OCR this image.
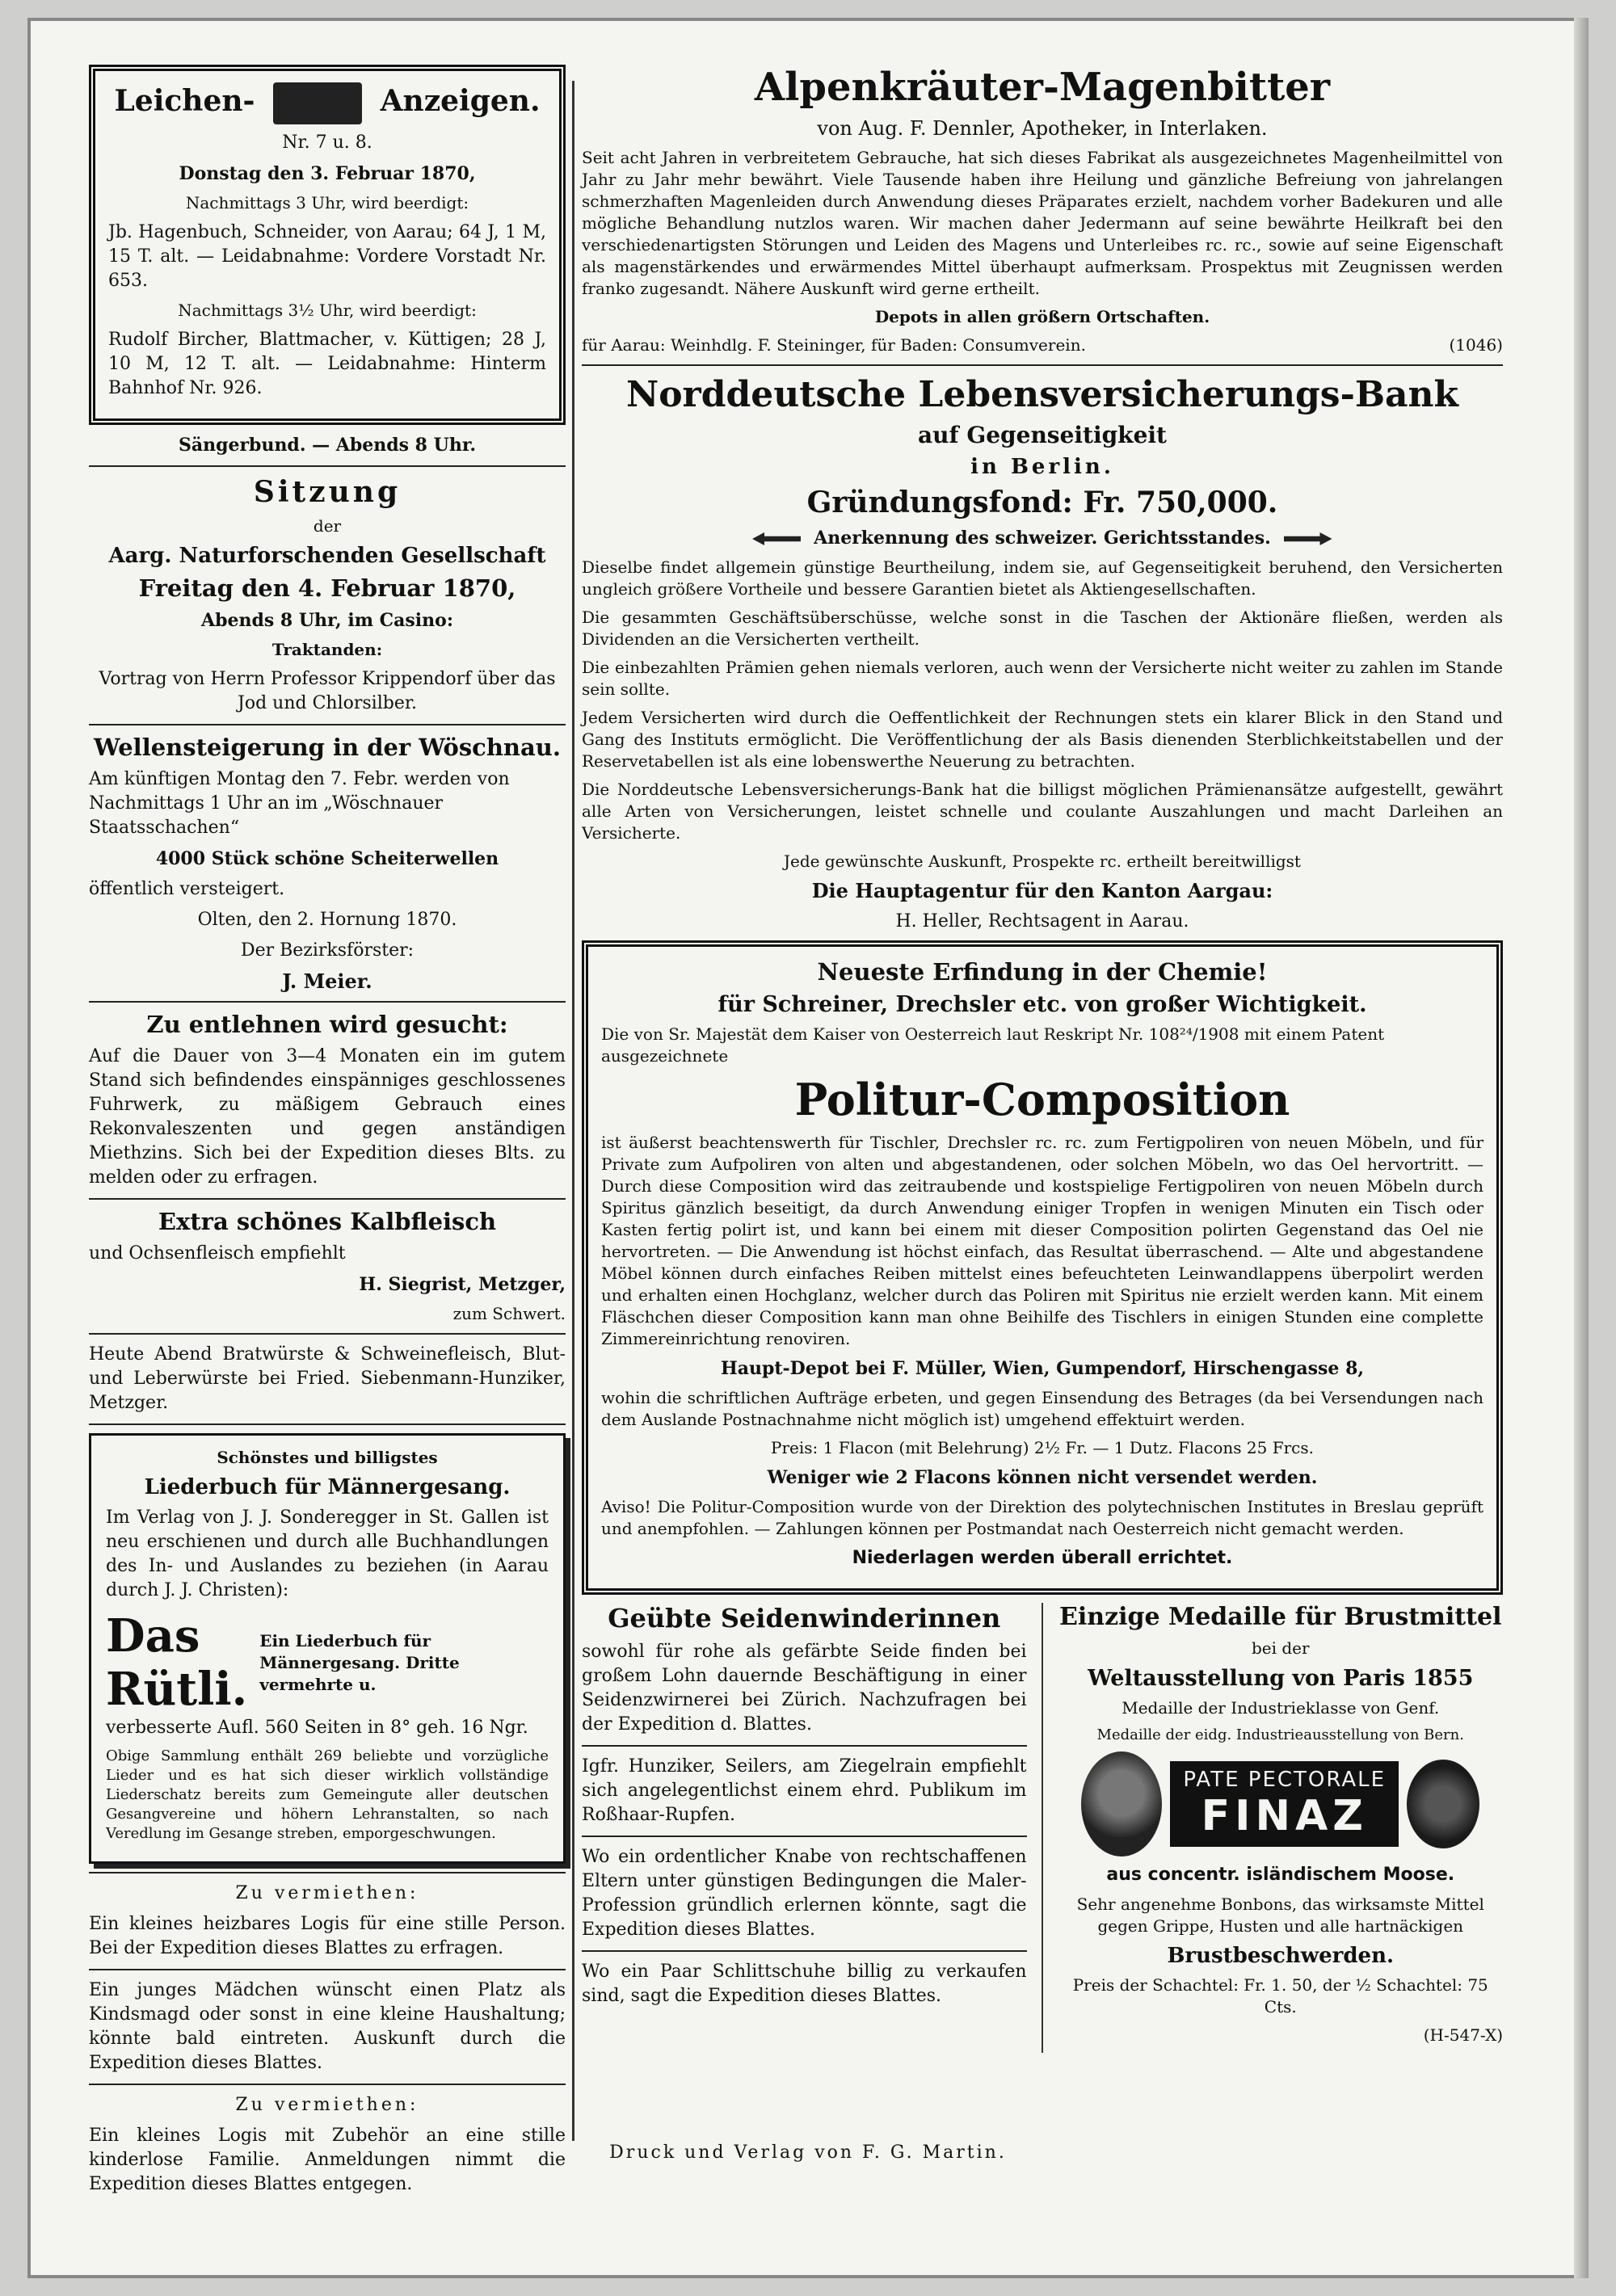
Leichen-	Anzeigen.
Nr. 7 u. 8.
Donstag den 3. Februar 1870,
Nachmittags 3 Uhr, wird beerdigt:
Jb. Hagenbuch, Schneider, von Aarau; 64 J, 1 M, 15 T. alt. — Leidabnahme: Vordere Vorstadt Nr. 653.
Nachmittags 3½ Uhr, wird beerdigt:
Rudolf Bircher, Blattmacher, v. Küttigen; 28 J, 10 M, 12 T. alt. — Leidabnahme: Hinterm Bahnhof Nr. 926.
Sängerbund. — Abends 8 Uhr.
Sitzung
der
Aarg. Naturforschenden Gesellschaft
Freitag den 4. Februar 1870,
Abends 8 Uhr, im Casino:
Traktanden:
Vortrag von Herrn Professor Krippendorf über das Jod und Chlorsilber.
Wellensteigerung in der Wöschnau.
Am künftigen Montag den 7. Febr. werden von Nachmittags 1 Uhr an im „Wöschnauer Staatsschachen“
4000 Stück schöne Scheiterwellen
öffentlich versteigert.
Olten, den 2. Hornung 1870.
Der Bezirksförster:
J. Meier.
Zu entlehnen wird gesucht:
Auf die Dauer von 3—4 Monaten ein im gutem Stand sich befindendes einspänniges geschlossenes Fuhrwerk, zu mäßigem Gebrauch eines Rekonvaleszenten und gegen anständigen Miethzins. Sich bei der Expedition dieses Blts. zu melden oder zu erfragen.
Extra schönes Kalbfleisch
und Ochsenfleisch empfiehlt
H. Siegrist, Metzger,
zum Schwert.
Heute Abend Bratwürste & Schweinefleisch, Blut- und Leberwürste bei Fried. Siebenmann-Hunziker, Metzger.
Schönstes und billigstes
Liederbuch für Männergesang.
Im Verlag von J. J. Sonderegger in St. Gallen ist neu erschienen und durch alle Buchhandlungen des In- und Auslandes zu beziehen (in Aarau durch J. J. Christen):
Das Rütli.
Ein Liederbuch für Männergesang. Dritte vermehrte u.
verbesserte Aufl. 560 Seiten in 8° geh. 16 Ngr.
Obige Sammlung enthält 269 beliebte und vorzügliche Lieder und es hat sich dieser wirklich vollständige Liederschatz bereits zum Gemeingute aller deutschen Gesangvereine und höhern Lehranstalten, so nach Veredlung im Gesange streben, emporgeschwungen.
Zu vermiethen:
Ein kleines heizbares Logis für eine stille Person. Bei der Expedition dieses Blattes zu erfragen.
Ein junges Mädchen wünscht einen Platz als Kindsmagd oder sonst in eine kleine Haushaltung; könnte bald eintreten. Auskunft durch die Expedition dieses Blattes.
Zu vermiethen:
Ein kleines Logis mit Zubehör an eine stille kinderlose Familie. Anmeldungen nimmt die Expedition dieses Blattes entgegen.
Alpenkräuter-Magenbitter
von Aug. F. Dennler, Apotheker, in Interlaken.
Seit acht Jahren in verbreitetem Gebrauche, hat sich dieses Fabrikat als ausgezeichnetes Magenheilmittel von Jahr zu Jahr mehr bewährt. Viele Tausende haben ihre Heilung und gänzliche Befreiung von jahrelangen schmerzhaften Magenleiden durch Anwendung dieses Präparates erzielt, nachdem vorher Badekuren und alle mögliche Behandlung nutzlos waren. Wir machen daher Jedermann auf seine bewährte Heilkraft bei den verschiedenartigsten Störungen und Leiden des Magens und Unterleibes rc. rc., sowie auf seine Eigenschaft als magenstärkendes und erwärmendes Mittel überhaupt aufmerksam. Prospektus mit Zeugnissen werden franko zugesandt. Nähere Auskunft wird gerne ertheilt.
Depots in allen größern Ortschaften.
für Aarau: Weinhdlg. F. Steininger, für Baden: Consumverein.	(1046)
Norddeutsche Lebensversicherungs-Bank
auf Gegenseitigkeit
in Berlin.
Gründungsfond: Fr. 750,000.
Anerkennung des schweizer. Gerichtsstandes.
Dieselbe findet allgemein günstige Beurtheilung, indem sie, auf Gegenseitigkeit beruhend, den Versicherten ungleich größere Vortheile und bessere Garantien bietet als Aktiengesellschaften.
Die gesammten Geschäftsüberschüsse, welche sonst in die Taschen der Aktionäre fließen, werden als Dividenden an die Versicherten vertheilt.
Die einbezahlten Prämien gehen niemals verloren, auch wenn der Versicherte nicht weiter zu zahlen im Stande sein sollte.
Jedem Versicherten wird durch die Oeffentlichkeit der Rechnungen stets ein klarer Blick in den Stand und Gang des Instituts ermöglicht. Die Veröffentlichung der als Basis dienenden Sterblichkeitstabellen und der Reservetabellen ist als eine lobenswerthe Neuerung zu betrachten.
Die Norddeutsche Lebensversicherungs-Bank hat die billigst möglichen Prämienansätze aufgestellt, gewährt alle Arten von Versicherungen, leistet schnelle und coulante Auszahlungen und macht Darleihen an Versicherte.
Jede gewünschte Auskunft, Prospekte rc. ertheilt bereitwilligst
Die Hauptagentur für den Kanton Aargau:
H. Heller, Rechtsagent in Aarau.
Neueste Erfindung in der Chemie!
für Schreiner, Drechsler etc. von großer Wichtigkeit.
Die von Sr. Majestät dem Kaiser von Oesterreich laut Reskript Nr. 108²⁴/1908 mit einem Patent ausgezeichnete
Politur-Composition
ist äußerst beachtenswerth für Tischler, Drechsler rc. rc. zum Fertigpoliren von neuen Möbeln, und für Private zum Aufpoliren von alten und abgestandenen, oder solchen Möbeln, wo das Oel hervortritt. — Durch diese Composition wird das zeitraubende und kostspielige Fertigpoliren von neuen Möbeln durch Spiritus gänzlich beseitigt, da durch Anwendung einiger Tropfen in wenigen Minuten ein Tisch oder Kasten fertig polirt ist, und kann bei einem mit dieser Composition polirten Gegenstand das Oel nie hervortreten. — Die Anwendung ist höchst einfach, das Resultat überraschend. — Alte und abgestandene Möbel können durch einfaches Reiben mittelst eines befeuchteten Leinwandlappens überpolirt werden und erhalten einen Hochglanz, welcher durch das Poliren mit Spiritus nie erzielt werden kann. Mit einem Fläschchen dieser Composition kann man ohne Beihilfe des Tischlers in einigen Stunden eine complette Zimmereinrichtung renoviren.
Haupt-Depot bei F. Müller, Wien, Gumpendorf, Hirschengasse 8,
wohin die schriftlichen Aufträge erbeten, und gegen Einsendung des Betrages (da bei Versendungen nach dem Auslande Postnachnahme nicht möglich ist) umgehend effektuirt werden.
Preis: 1 Flacon (mit Belehrung) 2½ Fr. — 1 Dutz. Flacons 25 Frcs.
Weniger wie 2 Flacons können nicht versendet werden.
Aviso! Die Politur-Composition wurde von der Direktion des polytechnischen Institutes in Breslau geprüft und anempfohlen. — Zahlungen können per Postmandat nach Oesterreich nicht gemacht werden.
Niederlagen werden überall errichtet.
Geübte Seidenwinderinnen
sowohl für rohe als gefärbte Seide finden bei großem Lohn dauernde Beschäftigung in einer Seidenzwirnerei bei Zürich. Nachzufragen bei der Expedition d. Blattes.
Igfr. Hunziker, Seilers, am Ziegelrain empfiehlt sich angelegentlichst einem ehrd. Publikum im Roßhaar-Rupfen.
Wo ein ordentlicher Knabe von rechtschaffenen Eltern unter günstigen Bedingungen die Maler-Profession gründlich erlernen könnte, sagt die Expedition dieses Blattes.
Wo ein Paar Schlittschuhe billig zu verkaufen sind, sagt die Expedition dieses Blattes.
Einzige Medaille für Brustmittel
bei der
Weltausstellung von Paris 1855
Medaille der Industrieklasse von Genf.
Medaille der eidg. Industrieausstellung von Bern.
PATE PECTORALE
FINAZ
aus concentr. isländischem Moose.
Sehr angenehme Bonbons, das wirksamste Mittel gegen Grippe, Husten und alle hartnäckigen
Brustbeschwerden.
Preis der Schachtel: Fr. 1. 50, der ½ Schachtel: 75 Cts.
(H-547-X)
Druck und Verlag von F. G. Martin.
